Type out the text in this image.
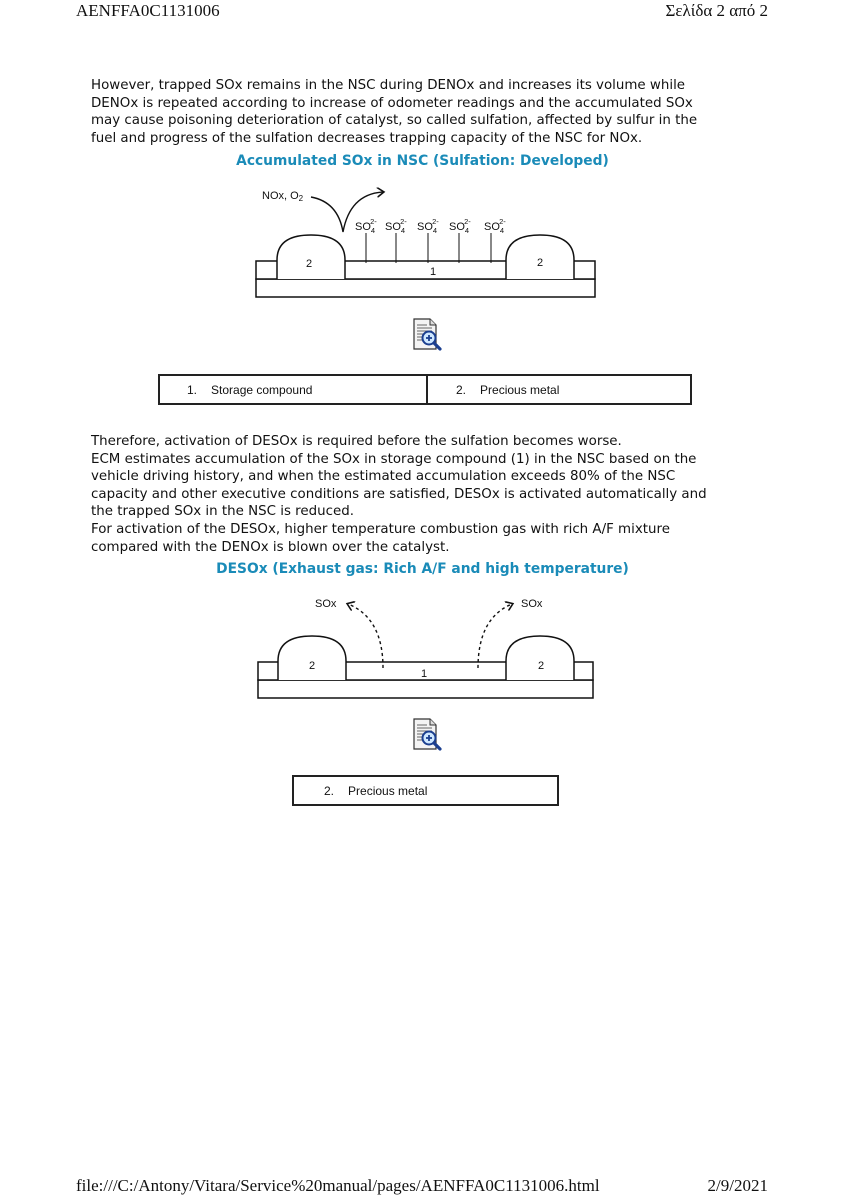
AENFFA0C1131006	Σελίδα 2 από 2

However, trapped SOx remains in the NSC during DENOx and increases its volume while

DENOx is repeated according to increase of odometer readings and the accumulated SOx

may cause poisoning deterioration of catalyst, so called sulfation, affected by sulfur in the

fuel and progress of the sulfation decreases trapping capacity of the NSC for NOx.

Accumulated SOx in NSC (Sulfation: Developed)
NOx, O2
$SO_42-$ $SO_42-$ $SO_42-$ $SO_42-$ $SO_42-$
2
1
2
1. Storage compound	2. Precious metal

Therefore, activation of DESOx is required before the sulfation becomes worse.

ECM estimates accumulation of the SOx in storage compound (1) in the NSC based on the

vehicle driving history, and when the estimated accumulation exceeds 80% of the NSC

capacity and other executive conditions are satisfied, DESOx is activated automatically and

the trapped SOx in the NSC is reduced.

For activation of the DESOx, higher temperature combustion gas with rich A/F mixture

compared with the DENOx is blown over the catalyst.

DESOx (Exhaust gas: Rich A/F and high temperature)
SOx	SOx
2
1
2
2. Precious metal
file:///C:/Antony/Vitara/Service%20manual/pages/AENFFA0C1131006.html	2/9/2021
